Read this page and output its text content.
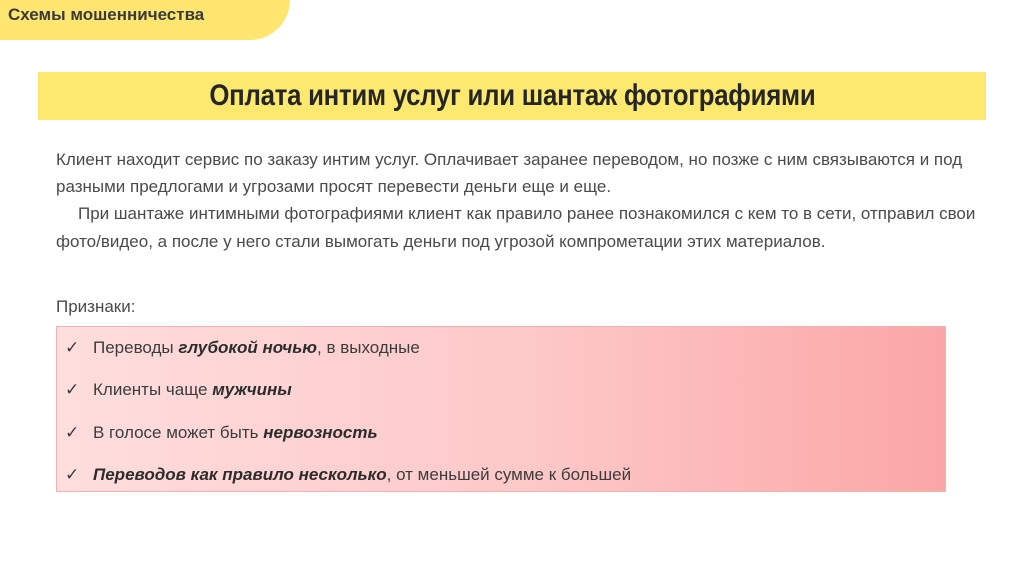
Схемы мошенничества
Оплата интим услуг или шантаж фотографиями

Клиент находит сервис по заказу интим услуг. Оплачивает заранее переводом, но позже с ним связываются и под разными предлогами и угрозами просят перевести деньги еще и еще.

При шантаже интимными фотографиями клиент как правило ранее познакомился с кем то в сети, отправил свои фото/видео, а после у него стали вымогать деньги под угрозой компрометации этих материалов.

Признаки:
✓ Переводы глубокой ночью, в выходные
✓ Клиенты чаще мужчины
✓ В голосе может быть нервозность
✓ Переводов как правило несколько, от меньшей сумме к большей
